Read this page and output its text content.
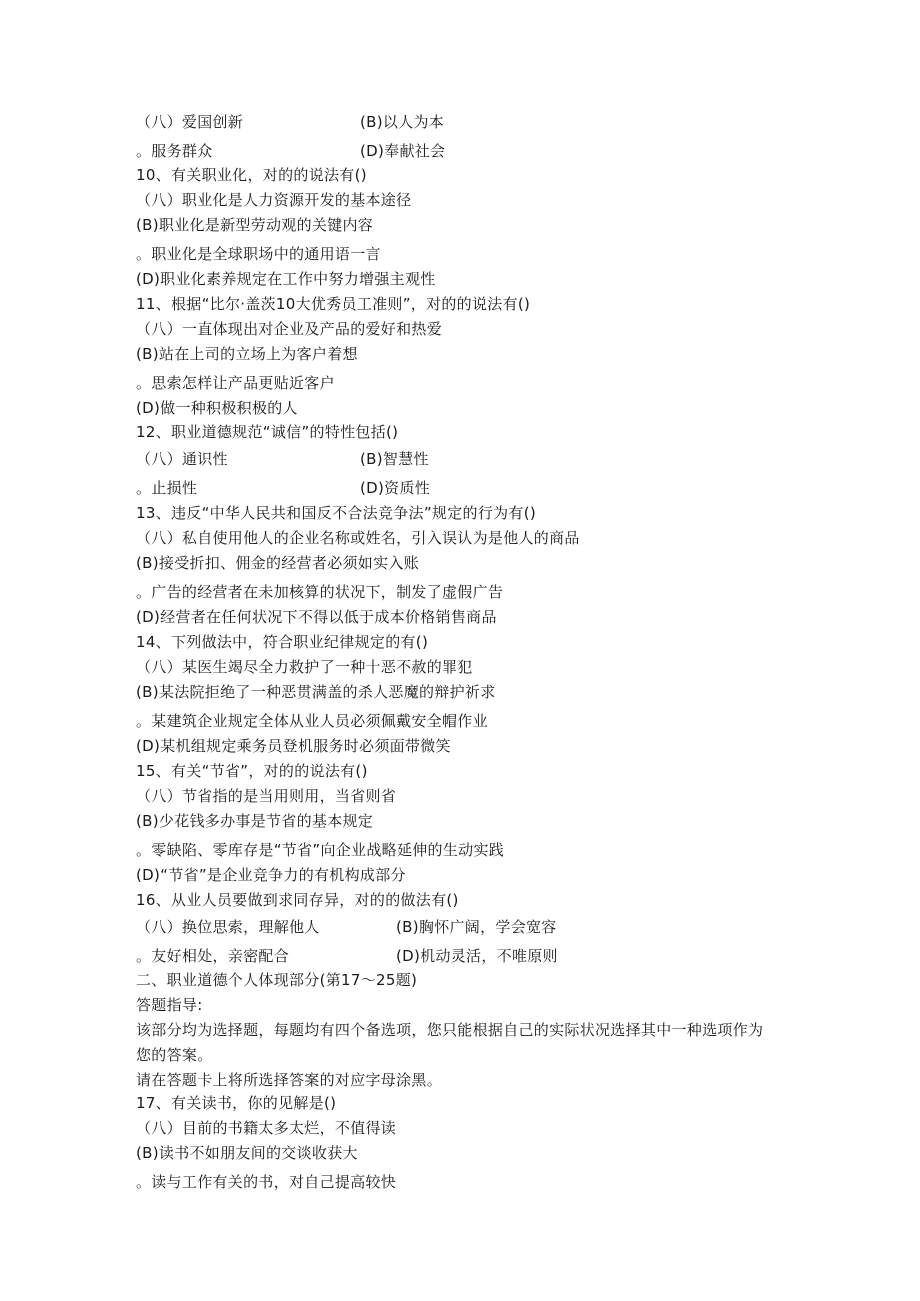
（八）爱国创新	(B)以人为本
。服务群众	(D)奉献社会
10、有关职业化，对的的说法有()
（八）职业化是人力资源开发的基本途径
(B)职业化是新型劳动观的关键内容
。职业化是全球职场中的通用语一言
(D)职业化素养规定在工作中努力增强主观性
11、根据“比尔·盖茨10大优秀员工准则”，对的的说法有()
（八）一直体现出对企业及产品的爱好和热爱
(B)站在上司的立场上为客户着想
。思索怎样让产品更贴近客户
(D)做一种积极积极的人
12、职业道德规范“诚信”的特性包括()
（八）通识性	(B)智慧性
。止损性	(D)资质性
13、违反“中华人民共和国反不合法竞争法”规定的行为有()
（八）私自使用他人的企业名称或姓名，引入误认为是他人的商品
(B)接受折扣、佣金的经营者必须如实入账
。广告的经营者在未加核算的状况下，制发了虚假广告
(D)经营者在任何状况下不得以低于成本价格销售商品
14、下列做法中，符合职业纪律规定的有()
（八）某医生竭尽全力救护了一种十恶不赦的罪犯
(B)某法院拒绝了一种恶贯满盖的杀人恶魔的辩护祈求
。某建筑企业规定全体从业人员必须佩戴安全帽作业
(D)某机组规定乘务员登机服务时必须面带微笑
15、有关“节省”，对的的说法有()
（八）节省指的是当用则用，当省则省
(B)少花钱多办事是节省的基本规定
。零缺陷、零库存是“节省”向企业战略延伸的生动实践
(D)“节省”是企业竞争力的有机构成部分
16、从业人员要做到求同存异，对的的做法有()
（八）换位思索，理解他人	(B)胸怀广阔，学会宽容
。友好相处，亲密配合	(D)机动灵活，不唯原则
二、职业道德个人体现部分(第17～25题)
答题指导:
该部分均为选择题，每题均有四个备选项，您只能根据自己的实际状况选择其中一种选项作为
您的答案。
请在答题卡上将所选择答案的对应字母涂黑。
17、有关读书，你的见解是()
（八）目前的书籍太多太烂，不值得读
(B)读书不如朋友间的交谈收获大
。读与工作有关的书，对自己提高较快
